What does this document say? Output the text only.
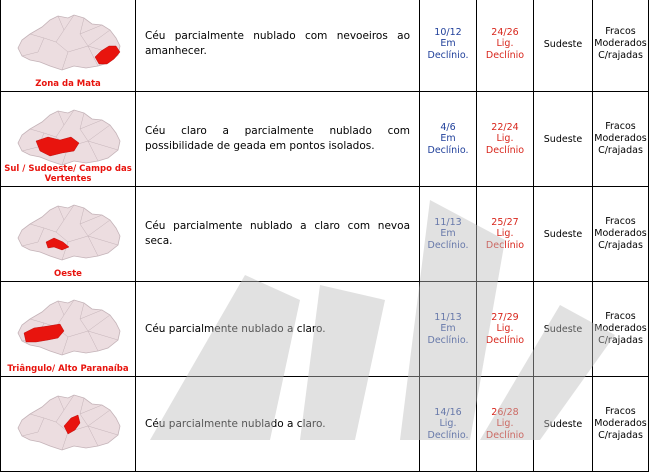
Zona da Mata	Céu parcialmente nublado com nevoeiros ao amanhecer.	10/12
Em
Declínio.	24/26
Lig.
Declínio	Sudeste	Fracos
Moderados
C/rajadas

Sul / Sudoeste/ Campo das Vertentes	Céu claro a parcialmente nublado com possibilidade de geada em pontos isolados.	4/6
Em
Declínio.	22/24
Lig.
Declínio	Sudeste	Fracos
Moderados
C/rajadas

Oeste	Céu parcialmente nublado a claro com nevoa seca.	11/13
Em
Declínio.	25/27
Lig.
Declínio	Sudeste	Fracos
Moderados
C/rajadas

Triângulo/ Alto Paranaíba	Céu parcialmente nublado a claro.	11/13
Em
Declínio.	27/29
Lig.
Declínio	Sudeste	Fracos
Moderados
C/rajadas

	Céu parcialmente nublado a claro.	14/16
Lig.
Declínio.	26/28
Lig.
Declínio	Sudeste	Fracos
Moderados
C/rajadas
